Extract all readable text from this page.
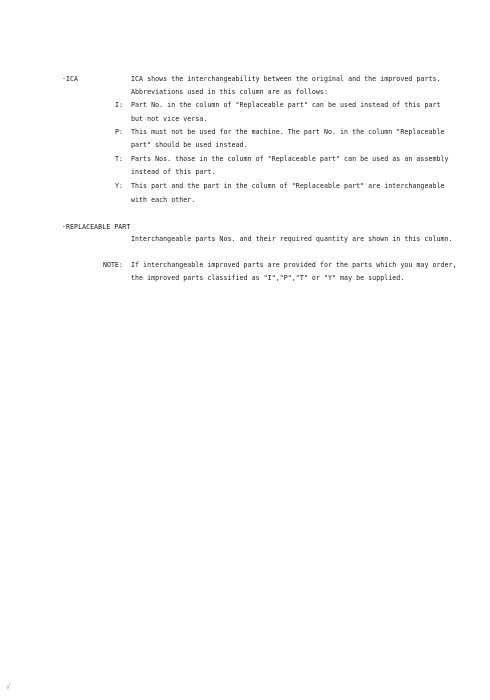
·ICA	ICA shows the interchangeability between the original and the improved parts.
Abbreviations used in this column are as follows:
I: Part No. in the column of "Replaceable part" can be used instead of this part
but not vice versa.
P: This must not be used for the machine. The part No. in the column "Replaceable
part" should be used instead.
T: Parts Nos. those in the column of "Replaceable part" can be used as an assembly
instead of this part.
Y: This part and the part in the column of "Replaceable part" are interchangeable
with each other.
·REPLACEABLE PART
Interchangeable parts Nos. and their required quantity are shown in this column.
NOTE: If interchangeable improved parts are provided for the parts which you may order,
the improved parts classified as "I","P","T" or "Y" may be supplied.
√
